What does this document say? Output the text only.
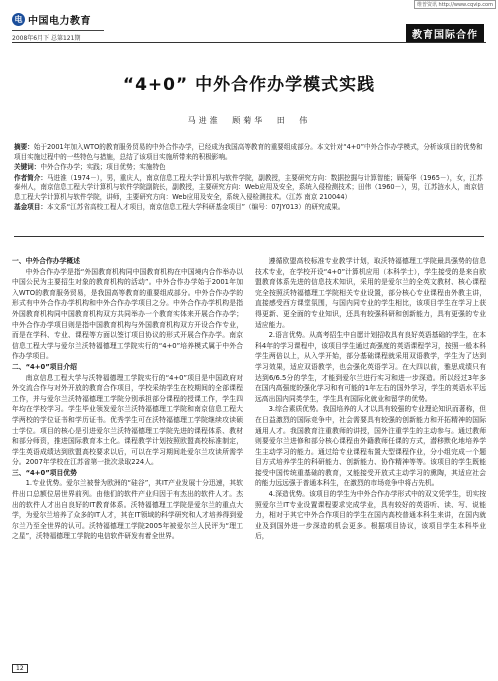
维普资讯 http://www.cqvip.com
电 中国电力教育
2008年6月下 总第121期	教育国际合作
“4+0” 中外合作办学模式实践
马进淮 顾菊华 田 伟

摘要：始于2001年加入WTO的教育服务贸易的中外合作办学，已经成为我国高等教育的重要组成部分。本文针对“4+0”中外合作办学模式，分析该项目的优势和项目实施过程中的一些特色与措施，总结了该项目实施所带来的积极影响。

关键词：中外合作办学；实践；项目优势；实施特色

作者简介：马进淮（1974－），男，重庆人，南京信息工程大学计算机与软件学院，副教授，主要研究方向：数据挖掘与计算智能；顾菊华（1965－），女，江苏泰州人，南京信息工程大学计算机与软件学院副院长，副教授，主要研究方向：Web应用及安全，系统入侵检测技术；田伟（1960－），男，江苏涟水人，南京信息工程大学计算机与软件学院，讲师，主要研究方向：Web应用及安全，系统入侵检测技术。（江苏 南京 210044）

基金项目：本文系“江苏省高校工程人才项目，南京信息工程大学科研基金项目”（编号：07JY013）的研究成果。

一、中外合作办学概述

中外合作办学是指“外国教育机构同中国教育机构在中国境内合作举办以中国公民为主要招生对象的教育机构的活动”。中外合作办学始于2001年加入WTO的教育服务贸易，是我国高等教育的重要组成部分。中外合作办学的形式有中外合作办学机构和中外合作办学项目之分。中外合作办学机构是指外国教育机构同中国教育机构双方共同举办一个教育实体来开展合作办学；中外合作办学项目则是指中国教育机构与外国教育机构双方开设合作专业，而是在学科、专业、课程等方面以签订项目协议的形式开展合作办学。南京信息工程大学与爱尔兰沃特福德理工学院实行的“4+0”培养模式属于中外合作办学项目。

二、“4+0”项目介绍

南京信息工程大学与沃特福德理工学院实行的“4+0”项目是中国政府对外交流合作与对外开放的教育合作项目，学校采纳学生在校期间的全部课程工作，并与爱尔兰沃特福德理工学院分别承担部分课程的授课工作，学生四年均在学校学习。学生毕业领发爱尔兰沃特福德理工学院和南京信息工程大学两校的学位证书和学历证书。优秀学生可在沃特福德理工学院继续攻读硕士学位。项目的核心是引进爱尔兰沃特福德理工学院先进的课程体系、教材和部分师资，推进国际教育本土化。课程教学计划按照欧盟高校标准制定，学生英语成绩达到欧盟高校要求以后，可以在学习期间赴爱尔兰攻读所需学分。2007年学校在江苏省第一批次录取224人。

三、“4+0”项目优势

1.专业优势。爱尔兰被誉为欧洲的“硅谷”，其IT产业发展十分迅速，其软件出口总额位居世界前列。由他们的软件产业归因于有杰出的软件人才。杰出的软件人才出自良好的IT教育体系。沃特福德理工学院是爱尔兰的重点大学，为爱尔兰培养了众多的IT人才，其在IT领域的科学研究和人才培养得到爱尔兰乃至全世界的认可。沃特福德理工学院2005年被爱尔兰人民评为“理工之星”，沃特福德理工学院的电信软件研发有着全世界。

遵循欧盟高校标准专业教学计划，取沃特福德理工学院最具强势的信息技术专业，在学校开设“4+0”计算机应用（本科学士），学生接受的是来自欧盟教育体系先进的信息技术知识，采用的是爱尔兰的全英文教材、核心课程完全按照沃特福德理工学院相关专业设置，部分核心专业课程由外教主讲，直接感受西方课堂氛围，与国内同专业的学生相比，该项目学生在学习上获得更新、更全面的专业知识，还具有较强科研和创新能力，具有更强的专业适应能力。

2.语言优势。从高考招生中自愿计划招收具有良好英语基础的学生，在本科4年的学习课程中，该项目学生通过高强度的英语课程学习，按照一般本科学生两倍以上，从入学开始，部分基础课程就采用双语教学，学生为了达到学习效果，适应双语教学，也会强化英语学习。在大四以前，雅思成绩只有达到6/6.5分的学生，才能到爱尔兰进行实习和进一步深造。所以经过3年多在国内高强度的强化学习和有可能的1年左右的国外学习，学生的英语水平远远高出国内同类学生，学生具有国际化就业和留学的优势。

3.综合素质优势。我国培养的人才以具有较强的专业理论知识而著称，但在日益激烈的国际竞争中，社会需要具有较强的创新能力和开拓精神的国际通用人才。我国教育注重教师的讲授，国外注重学生的主动参与。通过教师则要爱尔兰进修和部分核心课程由外籍教师任课的方式，潜移默化地培养学生主动学习的能力。通过给专业课程布置大型课程作业，分小组完成一个题目方式培养学生的科研能力、创新能力、协作精神等等。该项目的学生既能接受中国传统重基础的教育，又能接受开放式主动学习的熏陶，其适应社会的能力远远强于普通本科生，在激烈的市场竞争中将占先机。

4.深造优势。该项目的学生为中外合作办学形式中的双文凭学生，切实按照爱尔兰IT专业设置课程要求完成学业，具有较好的英语听、读、写、说能力，相对于其它中外合作项目的学生在国内高校普通本科生来讲，在国内就业及到国外进一步深造的机会更多。根据项目协议，该项目学生本科毕业后，

12
